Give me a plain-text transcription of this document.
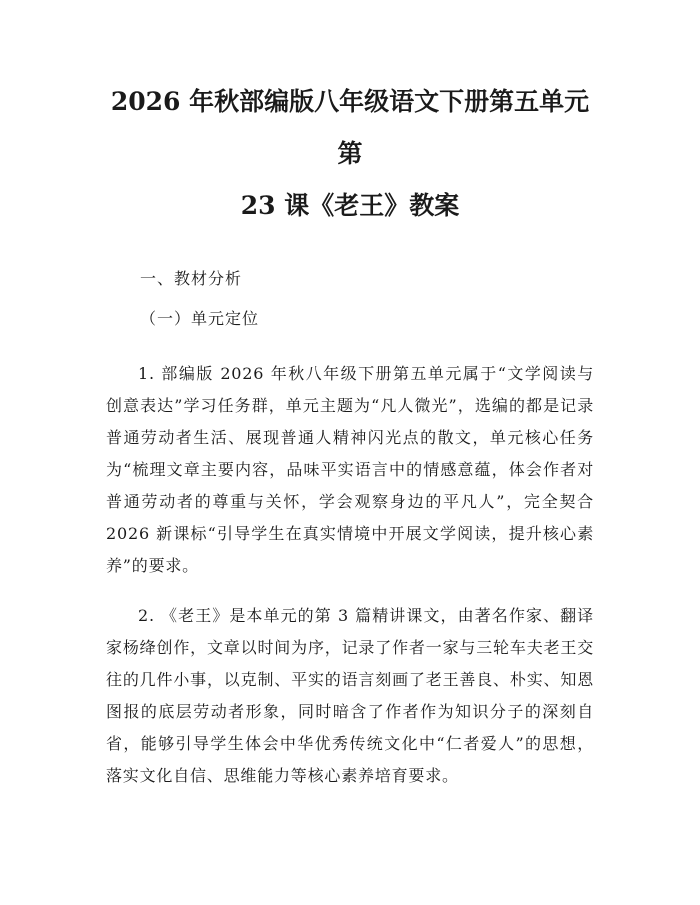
2026 年秋部编版八年级语文下册第五单元第
23 课《老王》教案

一、教材分析

（一）单元定位

1. 部编版 2026 年秋八年级下册第五单元属于“文学阅读与创意表达”学习任务群，单元主题为“凡人微光”，选编的都是记录普通劳动者生活、展现普通人精神闪光点的散文，单元核心任务为“梳理文章主要内容，品味平实语言中的情感意蕴，体会作者对普通劳动者的尊重与关怀，学会观察身边的平凡人”，完全契合 2026 新课标“引导学生在真实情境中开展文学阅读，提升核心素养”的要求。

2. 《老王》是本单元的第 3 篇精讲课文，由著名作家、翻译家杨绛创作，文章以时间为序，记录了作者一家与三轮车夫老王交往的几件小事，以克制、平实的语言刻画了老王善良、朴实、知恩图报的底层劳动者形象，同时暗含了作者作为知识分子的深刻自省，能够引导学生体会中华优秀传统文化中“仁者爱人”的思想，落实文化自信、思维能力等核心素养培育要求。
